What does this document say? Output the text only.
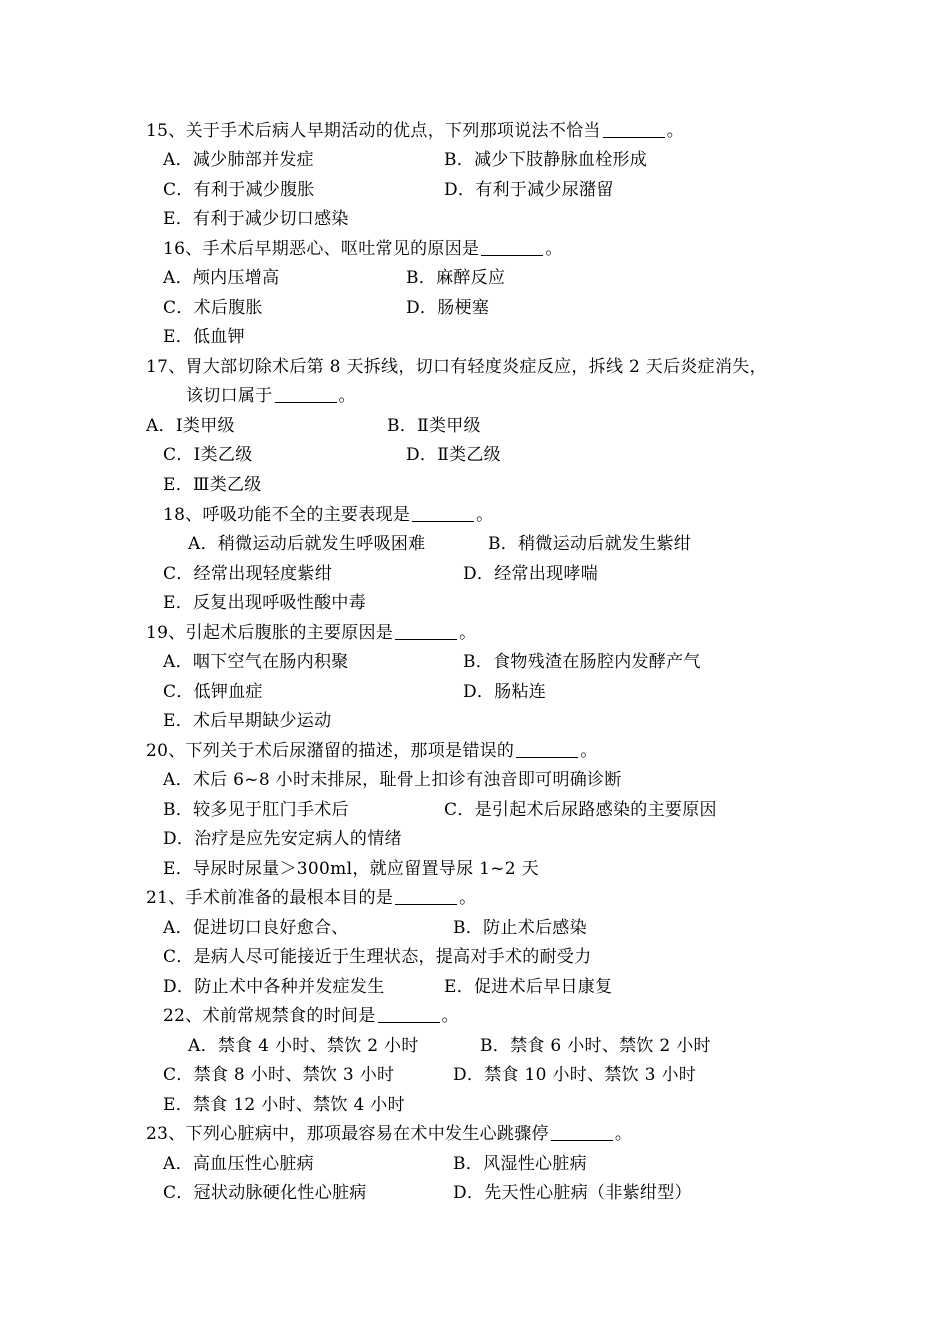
15、关于手术后病人早期活动的优点，下列那项说法不恰当	。
A．减少肺部并发症	B．减少下肢静脉血栓形成
C．有利于减少腹胀	D．有利于减少尿潴留
E．有利于减少切口感染
16、手术后早期恶心、呕吐常见的原因是	。
A．颅内压增高	B．麻醉反应
C．术后腹胀	D．肠梗塞
E．低血钾
17、胃大部切除术后第 8 天拆线，切口有轻度炎症反应，拆线 2 天后炎症消失，
该切口属于	。
A．Ⅰ类甲级	B．Ⅱ类甲级
C．Ⅰ类乙级	D．Ⅱ类乙级
E．Ⅲ类乙级
18、呼吸功能不全的主要表现是	。
A．稍微运动后就发生呼吸困难	B．稍微运动后就发生紫绀
C．经常出现轻度紫绀	D．经常出现哮喘
E．反复出现呼吸性酸中毒
19、引起术后腹胀的主要原因是	。
A．咽下空气在肠内积聚	B．食物残渣在肠腔内发酵产气
C．低钾血症	D．肠粘连
E．术后早期缺少运动
20、下列关于术后尿潴留的描述，那项是错误的	。
A．术后 6~8 小时未排尿，耻骨上扣诊有浊音即可明确诊断
B．较多见于肛门手术后	C．是引起术后尿路感染的主要原因
D．治疗是应先安定病人的情绪
E．导尿时尿量＞300ml，就应留置导尿 1~2 天
21、手术前准备的最根本目的是	。
A．促进切口良好愈合、	B．防止术后感染
C．是病人尽可能接近于生理状态，提高对手术的耐受力
D．防止术中各种并发症发生	E．促进术后早日康复
22、术前常规禁食的时间是	。
A．禁食 4 小时、禁饮 2 小时	B．禁食 6 小时、禁饮 2 小时
C．禁食 8 小时、禁饮 3 小时	D．禁食 10 小时、禁饮 3 小时
E．禁食 12 小时、禁饮 4 小时
23、下列心脏病中，那项最容易在术中发生心跳骤停	。
A．高血压性心脏病	B．风湿性心脏病
C．冠状动脉硬化性心脏病	D．先天性心脏病（非紫绀型）
